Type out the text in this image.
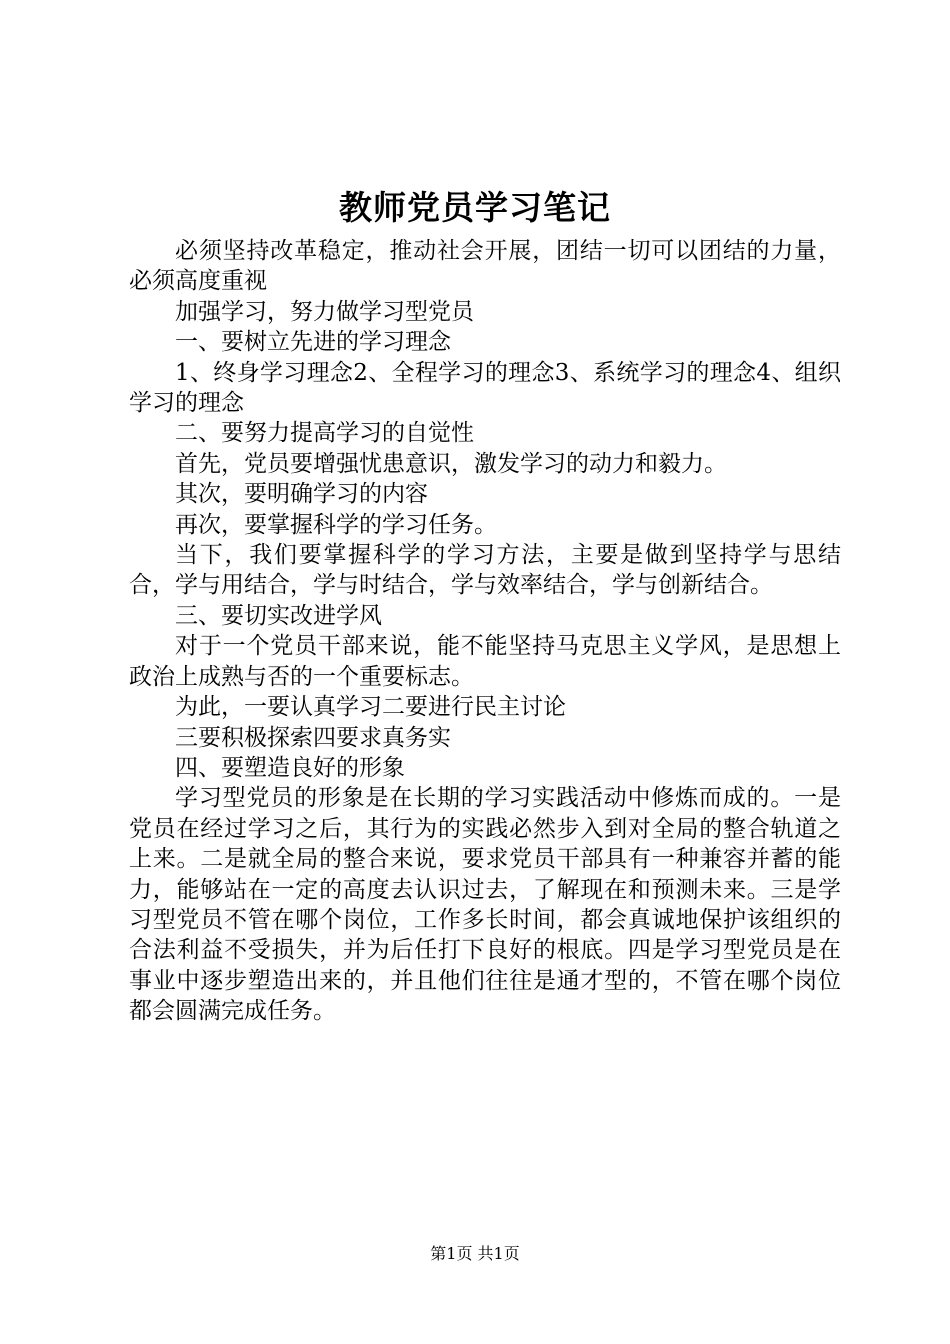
教师党员学习笔记

必须坚持改革稳定，推动社会开展，团结一切可以团结的力量，必须高度重视

加强学习，努力做学习型党员

一、要树立先进的学习理念

1、终身学习理念2、全程学习的理念3、系统学习的理念4、组织学习的理念

二、要努力提高学习的自觉性

首先，党员要增强忧患意识，激发学习的动力和毅力。

其次，要明确学习的内容

再次，要掌握科学的学习任务。

当下，我们要掌握科学的学习方法，主要是做到坚持学与思结合，学与用结合，学与时结合，学与效率结合，学与创新结合。

三、要切实改进学风

对于一个党员干部来说，能不能坚持马克思主义学风，是思想上政治上成熟与否的一个重要标志。

为此，一要认真学习二要进行民主讨论

三要积极探索四要求真务实

四、要塑造良好的形象

学习型党员的形象是在长期的学习实践活动中修炼而成的。一是党员在经过学习之后，其行为的实践必然步入到对全局的整合轨道之上来。二是就全局的整合来说，要求党员干部具有一种兼容并蓄的能力，能够站在一定的高度去认识过去，了解现在和预测未来。三是学习型党员不管在哪个岗位，工作多长时间，都会真诚地保护该组织的合法利益不受损失，并为后任打下良好的根底。四是学习型党员是在事业中逐步塑造出来的，并且他们往往是通才型的，不管在哪个岗位都会圆满完成任务。

第1页 共1页
